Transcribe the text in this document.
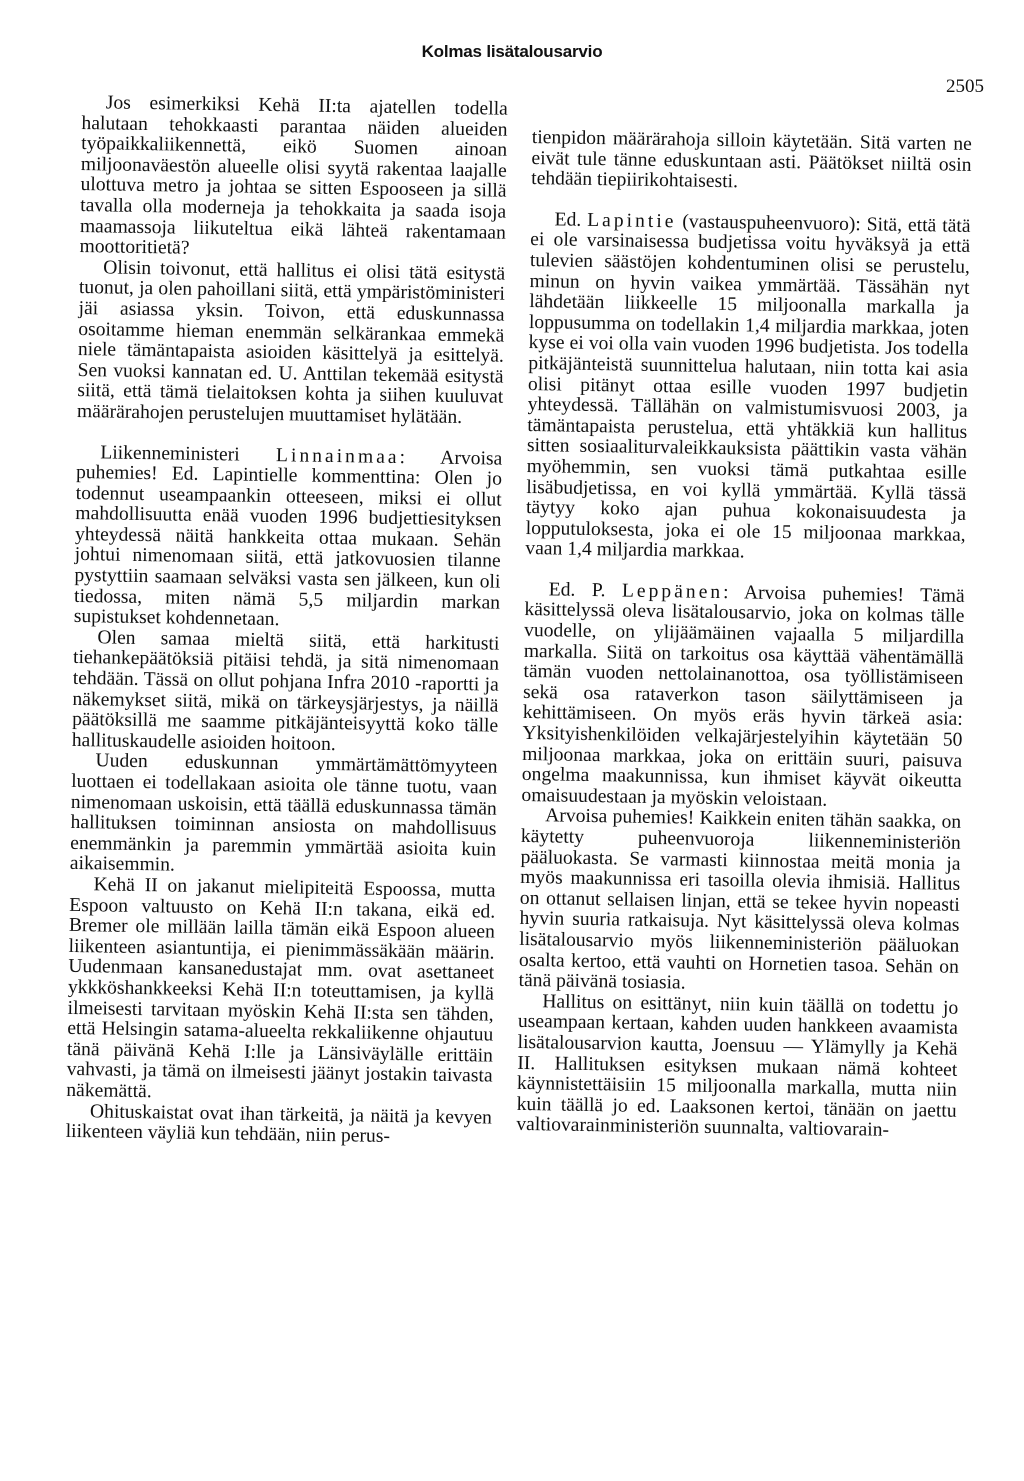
Kolmas lisätalousarvio
2505

Jos esimerkiksi Kehä II:ta ajatellen todella halutaan tehokkaasti parantaa näiden alueiden työpaikkaliikennettä, eikö Suomen ainoan miljoonaväestön alueelle olisi syytä rakentaa laajalle ulottuva metro ja johtaa se sitten Espooseen ja sillä tavalla olla moderneja ja tehokkaita ja saada isoja maamassoja liikuteltua eikä lähteä rakentamaan moottoritietä?

Olisin toivonut, että hallitus ei olisi tätä esitystä tuonut, ja olen pahoillani siitä, että ympäristöministeri jäi asiassa yksin. Toivon, että eduskunnassa osoitamme hieman enemmän selkärankaa emmekä niele tämäntapaista asioiden käsittelyä ja esittelyä. Sen vuoksi kannatan ed. U. Anttilan tekemää esitystä siitä, että tämä tielaitoksen kohta ja siihen kuuluvat määrärahojen perustelujen muuttamiset hylätään.

Liikenneministeri Linnainmaa: Arvoisa puhemies! Ed. Lapintielle kommenttina: Olen jo todennut useampaankin otteeseen, miksi ei ollut mahdollisuutta enää vuoden 1996 budjettiesityksen yhteydessä näitä hankkeita ottaa mukaan. Sehän johtui nimenomaan siitä, että jatkovuosien tilanne pystyttiin saamaan selväksi vasta sen jälkeen, kun oli tiedossa, miten nämä 5,5 miljardin markan supistukset kohdennetaan.

Olen samaa mieltä siitä, että harkitusti tiehankepäätöksiä pitäisi tehdä, ja sitä nimenomaan tehdään. Tässä on ollut pohjana Infra 2010 -raportti ja näkemykset siitä, mikä on tärkeysjärjestys, ja näillä päätöksillä me saamme pitkäjänteisyyttä koko tälle hallituskaudelle asioiden hoitoon.

Uuden eduskunnan ymmärtämättömyyteen luottaen ei todellakaan asioita ole tänne tuotu, vaan nimenomaan uskoisin, että täällä eduskunnassa tämän hallituksen toiminnan ansiosta on mahdollisuus enemmänkin ja paremmin ymmärtää asioita kuin aikaisemmin.

Kehä II on jakanut mielipiteitä Espoossa, mutta Espoon valtuusto on Kehä II:n takana, eikä ed. Bremer ole millään lailla tämän eikä Espoon alueen liikenteen asiantuntija, ei pienimmässäkään määrin. Uudenmaan kansanedustajat mm. ovat asettaneet ykkköshankkeeksi Kehä II:n toteuttamisen, ja kyllä ilmeisesti tarvitaan myöskin Kehä II:sta sen tähden, että Helsingin satama-alueelta rekkaliikenne ohjautuu tänä päivänä Kehä I:lle ja Länsiväylälle erittäin vahvasti, ja tämä on ilmeisesti jäänyt jostakin taivasta näkemättä.

Ohituskaistat ovat ihan tärkeitä, ja näitä ja kevyen liikenteen väyliä kun tehdään, niin perus-

tienpidon määrärahoja silloin käytetään. Sitä varten ne eivät tule tänne eduskuntaan asti. Päätökset niiltä osin tehdään tiepiirikohtaisesti.

Ed. Lapintie (vastauspuheenvuoro): Sitä, että tätä ei ole varsinaisessa budjetissa voitu hyväksyä ja että tulevien säästöjen kohdentuminen olisi se perustelu, minun on hyvin vaikea ymmärtää. Tässähän nyt lähdetään liikkeelle 15 miljoonalla markalla ja loppusumma on todellakin 1,4 miljardia markkaa, joten kyse ei voi olla vain vuoden 1996 budjetista. Jos todella pitkäjänteistä suunnittelua halutaan, niin totta kai asia olisi pitänyt ottaa esille vuoden 1997 budjetin yhteydessä. Tällähän on valmistumisvuosi 2003, ja tämäntapaista perustelua, että yhtäkkiä kun hallitus sitten sosiaaliturvaleikkauksista päättikin vasta vähän myöhemmin, sen vuoksi tämä putkahtaa esille lisäbudjetissa, en voi kyllä ymmärtää. Kyllä tässä täytyy koko ajan puhua kokonaisuudesta ja lopputuloksesta, joka ei ole 15 miljoonaa markkaa, vaan 1,4 miljardia markkaa.

Ed. P. Leppänen: Arvoisa puhemies! Tämä käsittelyssä oleva lisätalousarvio, joka on kolmas tälle vuodelle, on ylijäämäinen vajaalla 5 miljardilla markalla. Siitä on tarkoitus osa käyttää vähentämällä tämän vuoden nettolainanottoa, osa työllistämiseen sekä osa rataverkon tason säilyttämiseen ja kehittämiseen. On myös eräs hyvin tärkeä asia: Yksityishenkilöiden velkajärjestelyihin käytetään 50 miljoonaa markkaa, joka on erittäin suuri, paisuva ongelma maakunnissa, kun ihmiset käyvät oikeutta omaisuudestaan ja myöskin veloistaan.

Arvoisa puhemies! Kaikkein eniten tähän saakka, on käytetty puheenvuoroja liikenneministeriön pääluokasta. Se varmasti kiinnostaa meitä monia ja myös maakunnissa eri tasoilla olevia ihmisiä. Hallitus on ottanut sellaisen linjan, että se tekee hyvin nopeasti hyvin suuria ratkaisuja. Nyt käsittelyssä oleva kolmas lisätalousarvio myös liikenneministeriön pääluokan osalta kertoo, että vauhti on Hornetien tasoa. Sehän on tänä päivänä tosiasia.

Hallitus on esittänyt, niin kuin täällä on todettu jo useampaan kertaan, kahden uuden hankkeen avaamista lisätalousarvion kautta, Joensuu — Ylämylly ja Kehä II. Hallituksen esityksen mukaan nämä kohteet käynnistettäisiin 15 miljoonalla markalla, mutta niin kuin täällä jo ed. Laaksonen kertoi, tänään on jaettu valtiovarainministeriön suunnalta, valtiovarain-
